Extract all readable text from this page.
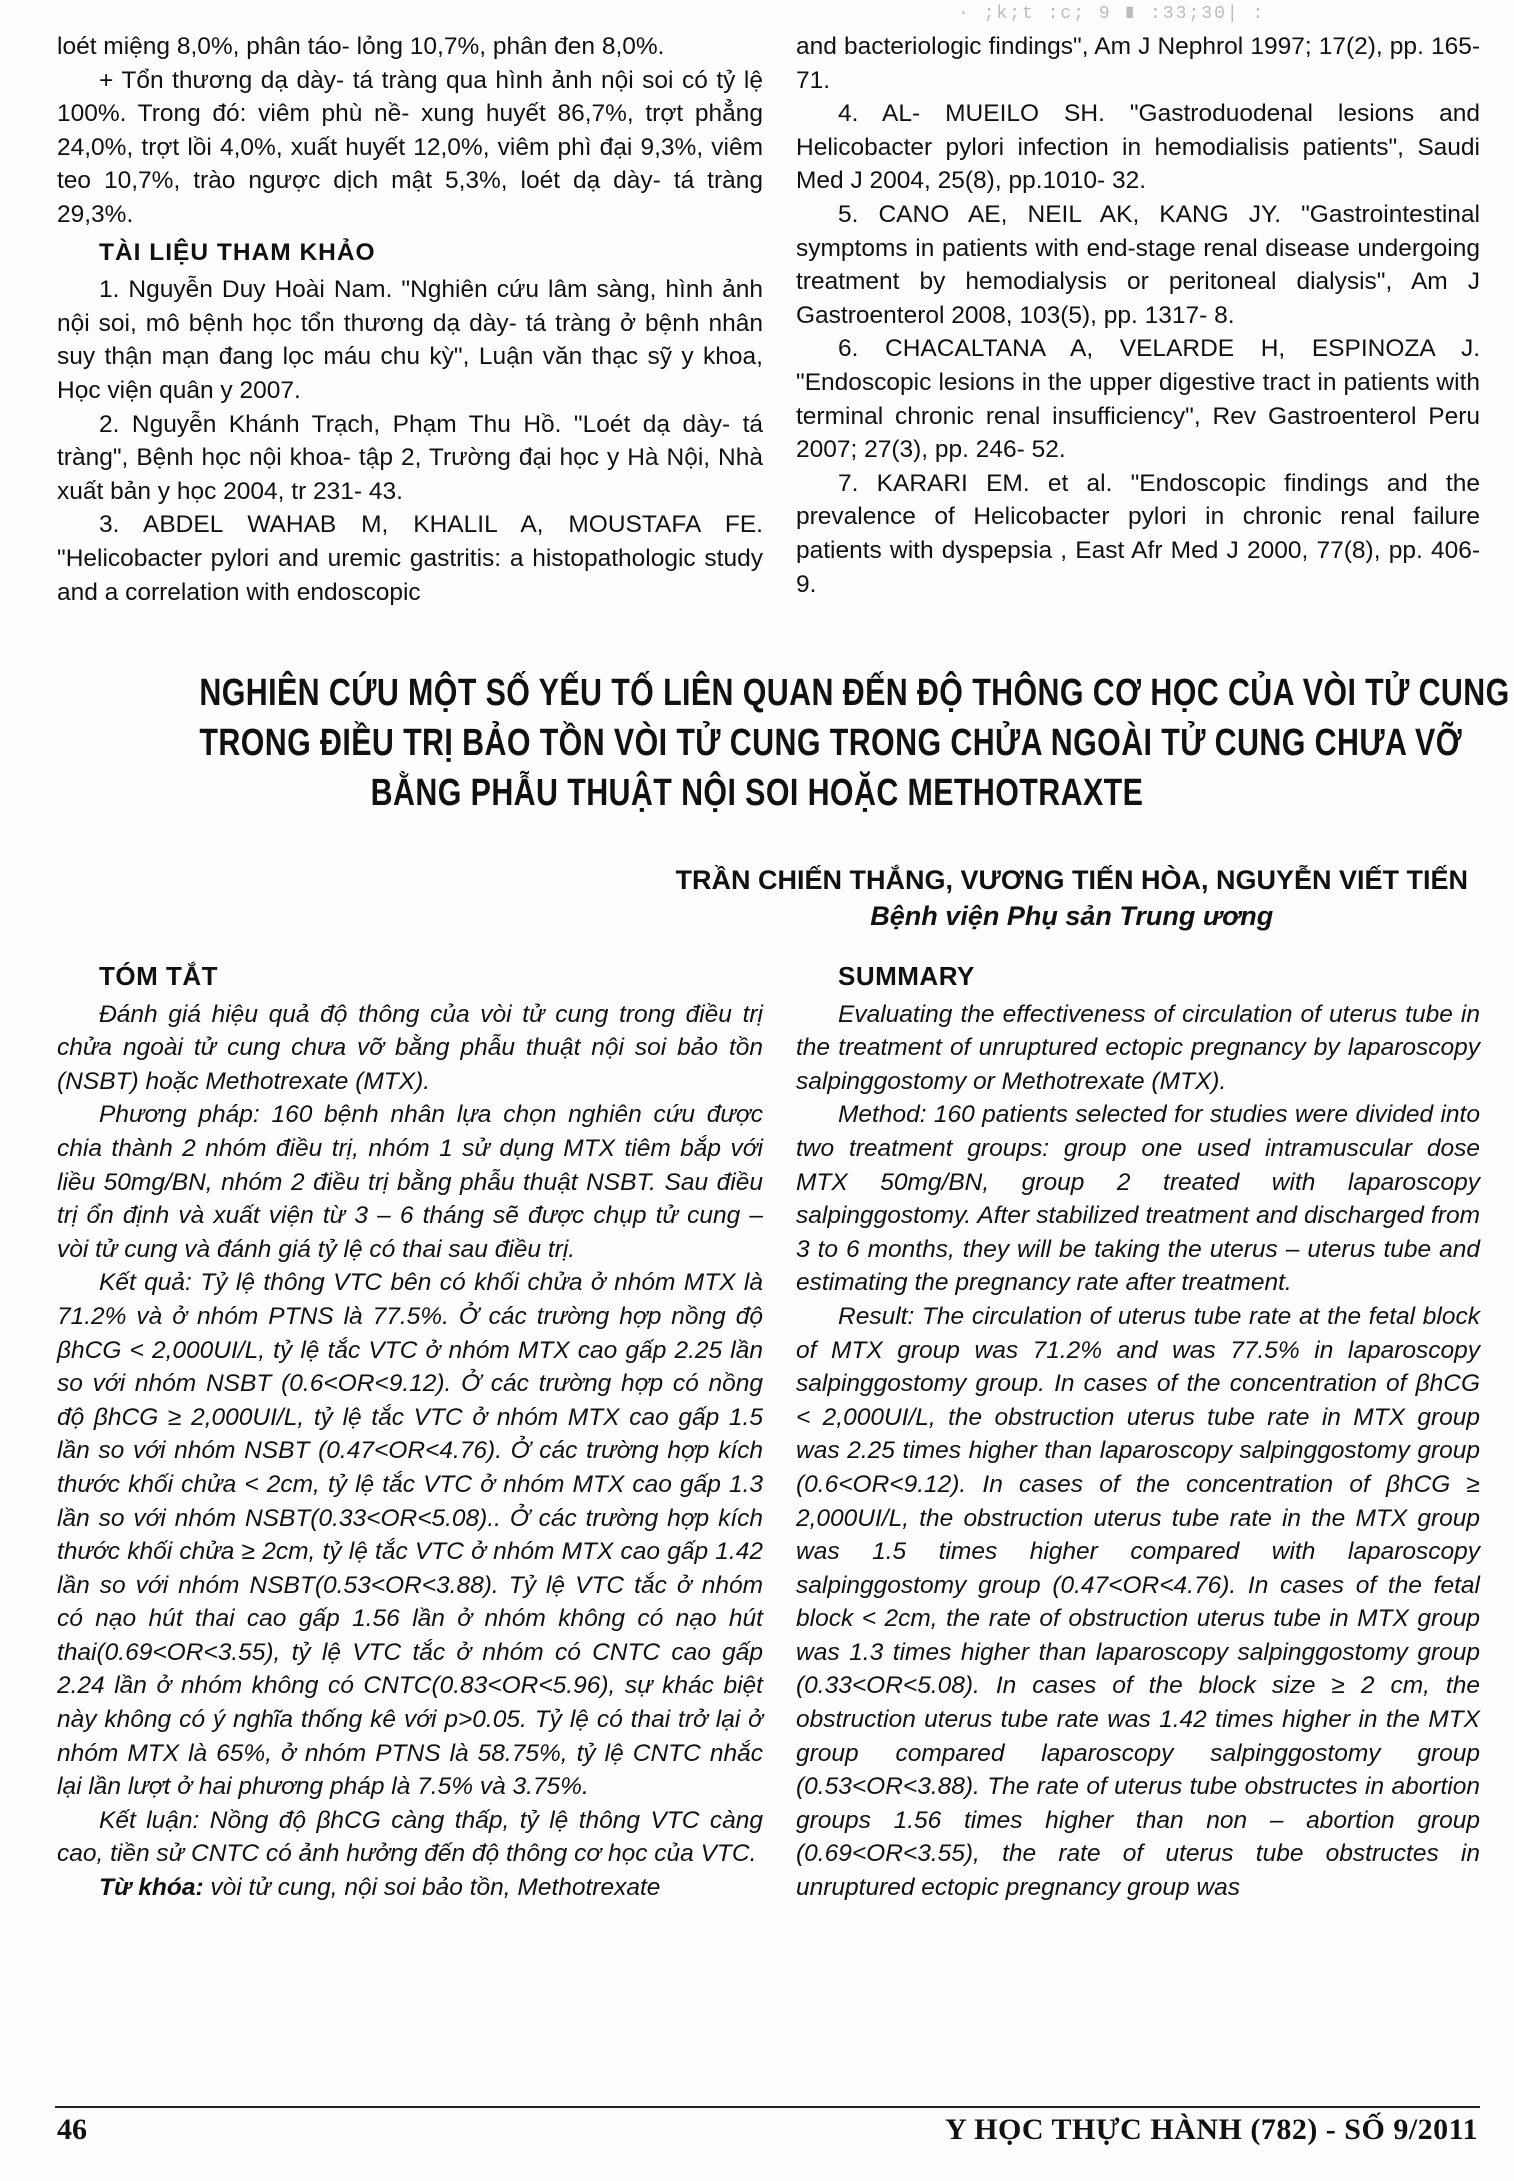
· ;k;t :c; 9 ∎ :33;30| :

loét miệng 8,0%, phân táo- lỏng 10,7%, phân đen 8,0%.

+ Tổn thương dạ dày- tá tràng qua hình ảnh nội soi có tỷ lệ 100%. Trong đó: viêm phù nề- xung huyết 86,7%, trợt phẳng 24,0%, trợt lồi 4,0%, xuất huyết 12,0%, viêm phì đại 9,3%, viêm teo 10,7%, trào ngược dịch mật 5,3%, loét dạ dày- tá tràng 29,3%.

TÀI LIỆU THAM KHẢO

1. Nguyễn Duy Hoài Nam. "Nghiên cứu lâm sàng, hình ảnh nội soi, mô bệnh học tổn thương dạ dày- tá tràng ở bệnh nhân suy thận mạn đang lọc máu chu kỳ", Luận văn thạc sỹ y khoa, Học viện quân y 2007.

2. Nguyễn Khánh Trạch, Phạm Thu Hồ. "Loét dạ dày- tá tràng", Bệnh học nội khoa- tập 2, Trường đại học y Hà Nội, Nhà xuất bản y học 2004, tr 231- 43.

3. ABDEL WAHAB M, KHALIL A, MOUSTAFA FE. "Helicobacter pylori and uremic gastritis: a histopathologic study and a correlation with endoscopic

and bacteriologic findings", Am J Nephrol 1997; 17(2), pp. 165- 71.

4. AL- MUEILO SH. "Gastroduodenal lesions and Helicobacter pylori infection in hemodialisis patients", Saudi Med J 2004, 25(8), pp.1010- 32.

5. CANO AE, NEIL AK, KANG JY. "Gastrointestinal symptoms in patients with end-stage renal disease undergoing treatment by hemodialysis or peritoneal dialysis", Am J Gastroenterol 2008, 103(5), pp. 1317- 8.

6. CHACALTANA A, VELARDE H, ESPINOZA J. "Endoscopic lesions in the upper digestive tract in patients with terminal chronic renal insufficiency", Rev Gastroenterol Peru 2007; 27(3), pp. 246- 52.

7. KARARI EM. et al. "Endoscopic findings and the prevalence of Helicobacter pylori in chronic renal failure patients with dyspepsia , East Afr Med J 2000, 77(8), pp. 406-9.

NGHIÊN CỨU MỘT SỐ YẾU TỐ LIÊN QUAN ĐẾN ĐỘ THÔNG CƠ HỌC CỦA VÒI TỬ CUNG
TRONG ĐIỀU TRỊ BẢO TỒN VÒI TỬ CUNG TRONG CHỬA NGOÀI TỬ CUNG CHƯA VỠ
BẰNG PHẪU THUẬT NỘI SOI HOẶC METHOTRAXTE
TRẦN CHIẾN THẮNG, VƯƠNG TIẾN HÒA, NGUYỄN VIẾT TIẾN
Bệnh viện Phụ sản Trung ương

TÓM TẮT

Đánh giá hiệu quả độ thông của vòi tử cung trong điều trị chửa ngoài tử cung chưa vỡ bằng phẫu thuật nội soi bảo tồn (NSBT) hoặc Methotrexate (MTX).

Phương pháp: 160 bệnh nhân lựa chọn nghiên cứu được chia thành 2 nhóm điều trị, nhóm 1 sử dụng MTX tiêm bắp với liều 50mg/BN, nhóm 2 điều trị bằng phẫu thuật NSBT. Sau điều trị ổn định và xuất viện từ 3 – 6 tháng sẽ được chụp tử cung – vòi tử cung và đánh giá tỷ lệ có thai sau điều trị.

Kết quả: Tỷ lệ thông VTC bên có khối chửa ở nhóm MTX là 71.2% và ở nhóm PTNS là 77.5%. Ở các trường hợp nồng độ βhCG < 2,000UI/L, tỷ lệ tắc VTC ở nhóm MTX cao gấp 2.25 lần so với nhóm NSBT (0.6<OR<9.12). Ở các trường hợp có nồng độ βhCG ≥ 2,000UI/L, tỷ lệ tắc VTC ở nhóm MTX cao gấp 1.5 lần so với nhóm NSBT (0.47<OR<4.76). Ở các trường hợp kích thước khối chửa < 2cm, tỷ lệ tắc VTC ở nhóm MTX cao gấp 1.3 lần so với nhóm NSBT(0.33<OR<5.08).. Ở các trường hợp kích thước khối chửa ≥ 2cm, tỷ lệ tắc VTC ở nhóm MTX cao gấp 1.42 lần so với nhóm NSBT(0.53<OR<3.88). Tỷ lệ VTC tắc ở nhóm có nạo hút thai cao gấp 1.56 lần ở nhóm không có nạo hút thai(0.69<OR<3.55), tỷ lệ VTC tắc ở nhóm có CNTC cao gấp 2.24 lần ở nhóm không có CNTC(0.83<OR<5.96), sự khác biệt này không có ý nghĩa thống kê với p>0.05. Tỷ lệ có thai trở lại ở nhóm MTX là 65%, ở nhóm PTNS là 58.75%, tỷ lệ CNTC nhắc lại lần lượt ở hai phương pháp là 7.5% và 3.75%.

Kết luận: Nồng độ βhCG càng thấp, tỷ lệ thông VTC càng cao, tiền sử CNTC có ảnh hưởng đến độ thông cơ học của VTC.

Từ khóa: vòi tử cung, nội soi bảo tồn, Methotrexate

SUMMARY

Evaluating the effectiveness of circulation of uterus tube in the treatment of unruptured ectopic pregnancy by laparoscopy salpinggostomy or Methotrexate (MTX).

Method: 160 patients selected for studies were divided into two treatment groups: group one used intramuscular dose MTX 50mg/BN, group 2 treated with laparoscopy salpinggostomy. After stabilized treatment and discharged from 3 to 6 months, they will be taking the uterus – uterus tube and estimating the pregnancy rate after treatment.

Result: The circulation of uterus tube rate at the fetal block of MTX group was 71.2% and was 77.5% in laparoscopy salpinggostomy group. In cases of the concentration of βhCG < 2,000UI/L, the obstruction uterus tube rate in MTX group was 2.25 times higher than laparoscopy salpinggostomy group (0.6<OR<9.12). In cases of the concentration of βhCG ≥ 2,000UI/L, the obstruction uterus tube rate in the MTX group was 1.5 times higher compared with laparoscopy salpinggostomy group (0.47<OR<4.76). In cases of the fetal block < 2cm, the rate of obstruction uterus tube in MTX group was 1.3 times higher than laparoscopy salpinggostomy group (0.33<OR<5.08). In cases of the block size ≥ 2 cm, the obstruction uterus tube rate was 1.42 times higher in the MTX group compared laparoscopy salpinggostomy group (0.53<OR<3.88). The rate of uterus tube obstructes in abortion groups 1.56 times higher than non – abortion group (0.69<OR<3.55), the rate of uterus tube obstructes in unruptured ectopic pregnancy group was

46	Y HỌC THỰC HÀNH (782) - SỐ 9/2011
